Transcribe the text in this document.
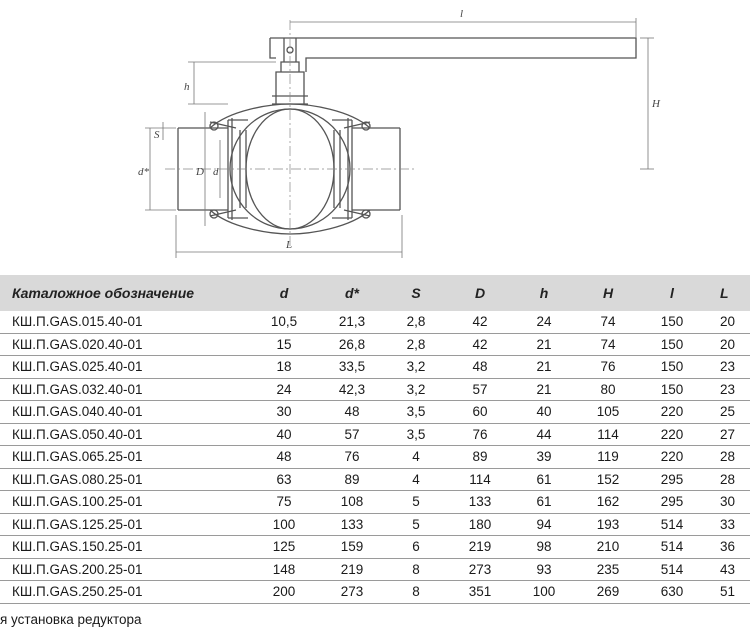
l
L
H
h
S
d*	D d
Каталожное обозначение	d	d*	S	D	h	H	l	L
КШ.П.GAS.015.40-01	10,5	21,3	2,8	42	24	74	150	20
КШ.П.GAS.020.40-01	15	26,8	2,8	42	21	74	150	20
КШ.П.GAS.025.40-01	18	33,5	3,2	48	21	76	150	23
КШ.П.GAS.032.40-01	24	42,3	3,2	57	21	80	150	23
КШ.П.GAS.040.40-01	30	48	3,5	60	40	105	220	25
КШ.П.GAS.050.40-01	40	57	3,5	76	44	114	220	27
КШ.П.GAS.065.25-01	48	76	4	89	39	119	220	28
КШ.П.GAS.080.25-01	63	89	4	114	61	152	295	28
КШ.П.GAS.100.25-01	75	108	5	133	61	162	295	30
КШ.П.GAS.125.25-01	100	133	5	180	94	193	514	33
КШ.П.GAS.150.25-01	125	159	6	219	98	210	514	36
КШ.П.GAS.200.25-01	148	219	8	273	93	235	514	43
КШ.П.GAS.250.25-01	200	273	8	351	100	269	630	51
я установка редуктора
